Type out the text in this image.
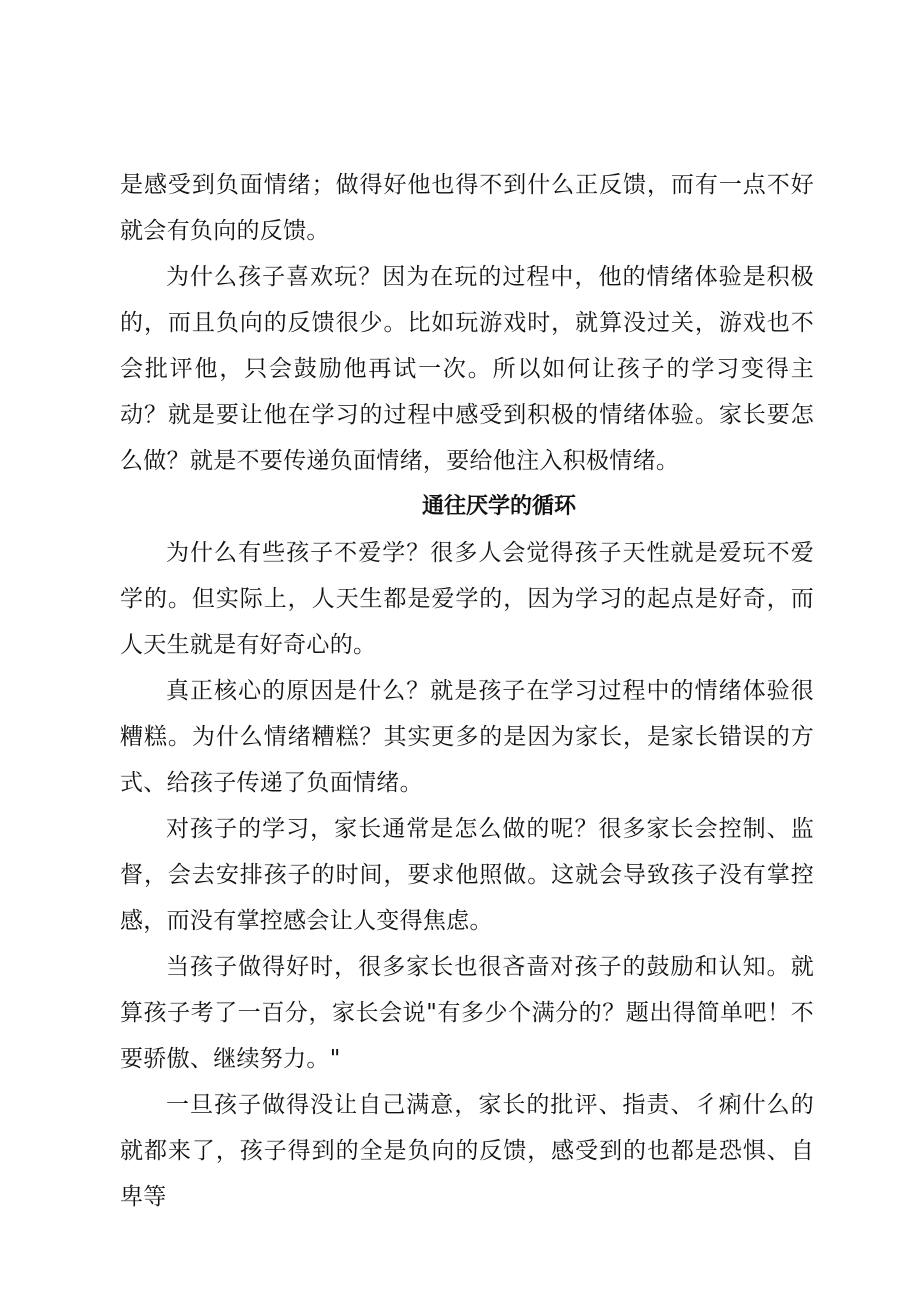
是感受到负面情绪；做得好他也得不到什么正反馈，而有一点不好就会有负向的反馈。

为什么孩子喜欢玩？因为在玩的过程中，他的情绪体验是积极的，而且负向的反馈很少。比如玩游戏时，就算没过关，游戏也不会批评他，只会鼓励他再试一次。所以如何让孩子的学习变得主动？就是要让他在学习的过程中感受到积极的情绪体验。家长要怎么做？就是不要传递负面情绪，要给他注入积极情绪。

通往厌学的循环

为什么有些孩子不爱学？很多人会觉得孩子天性就是爱玩不爱学的。但实际上，人天生都是爱学的，因为学习的起点是好奇，而人天生就是有好奇心的。

真正核心的原因是什么？就是孩子在学习过程中的情绪体验很糟糕。为什么情绪糟糕？其实更多的是因为家长，是家长错误的方式、给孩子传递了负面情绪。

对孩子的学习，家长通常是怎么做的呢？很多家长会控制、监督，会去安排孩子的时间，要求他照做。这就会导致孩子没有掌控感，而没有掌控感会让人变得焦虑。

当孩子做得好时，很多家长也很吝啬对孩子的鼓励和认知。就算孩子考了一百分，家长会说"有多少个满分的？题出得简单吧！不要骄傲、继续努力。"

一旦孩子做得没让自己满意，家长的批评、指责、彳痢什么的就都来了，孩子得到的全是负向的反馈，感受到的也都是恐惧、自卑等
